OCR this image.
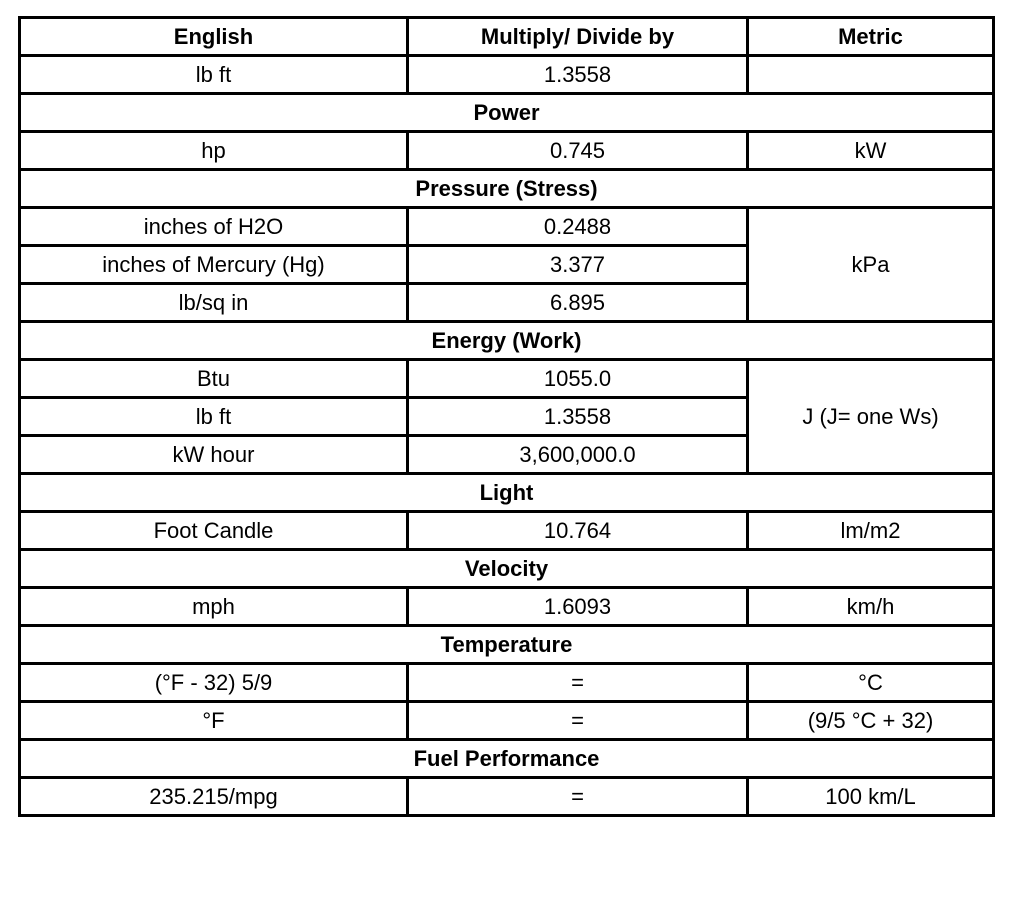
English	Multiply/ Divide by	Metric
lb ft	1.3558	
Power		
hp	0.745	kW
Pressure (Stress)		
inches of H2O	0.2488	kPa
inches of Mercury (Hg)	3.377	
lb/sq in	6.895	
Energy (Work)		
Btu	1055.0	J (J= one Ws)
lb ft	1.3558	
kW hour	3,600,000.0	
Light		
Foot Candle	10.764	lm/m2
Velocity		
mph	1.6093	km/h
Temperature		
(°F - 32) 5/9	=	°C
°F	=	(9/5 °C + 32)
Fuel Performance		
235.215/mpg	=	100 km/L
